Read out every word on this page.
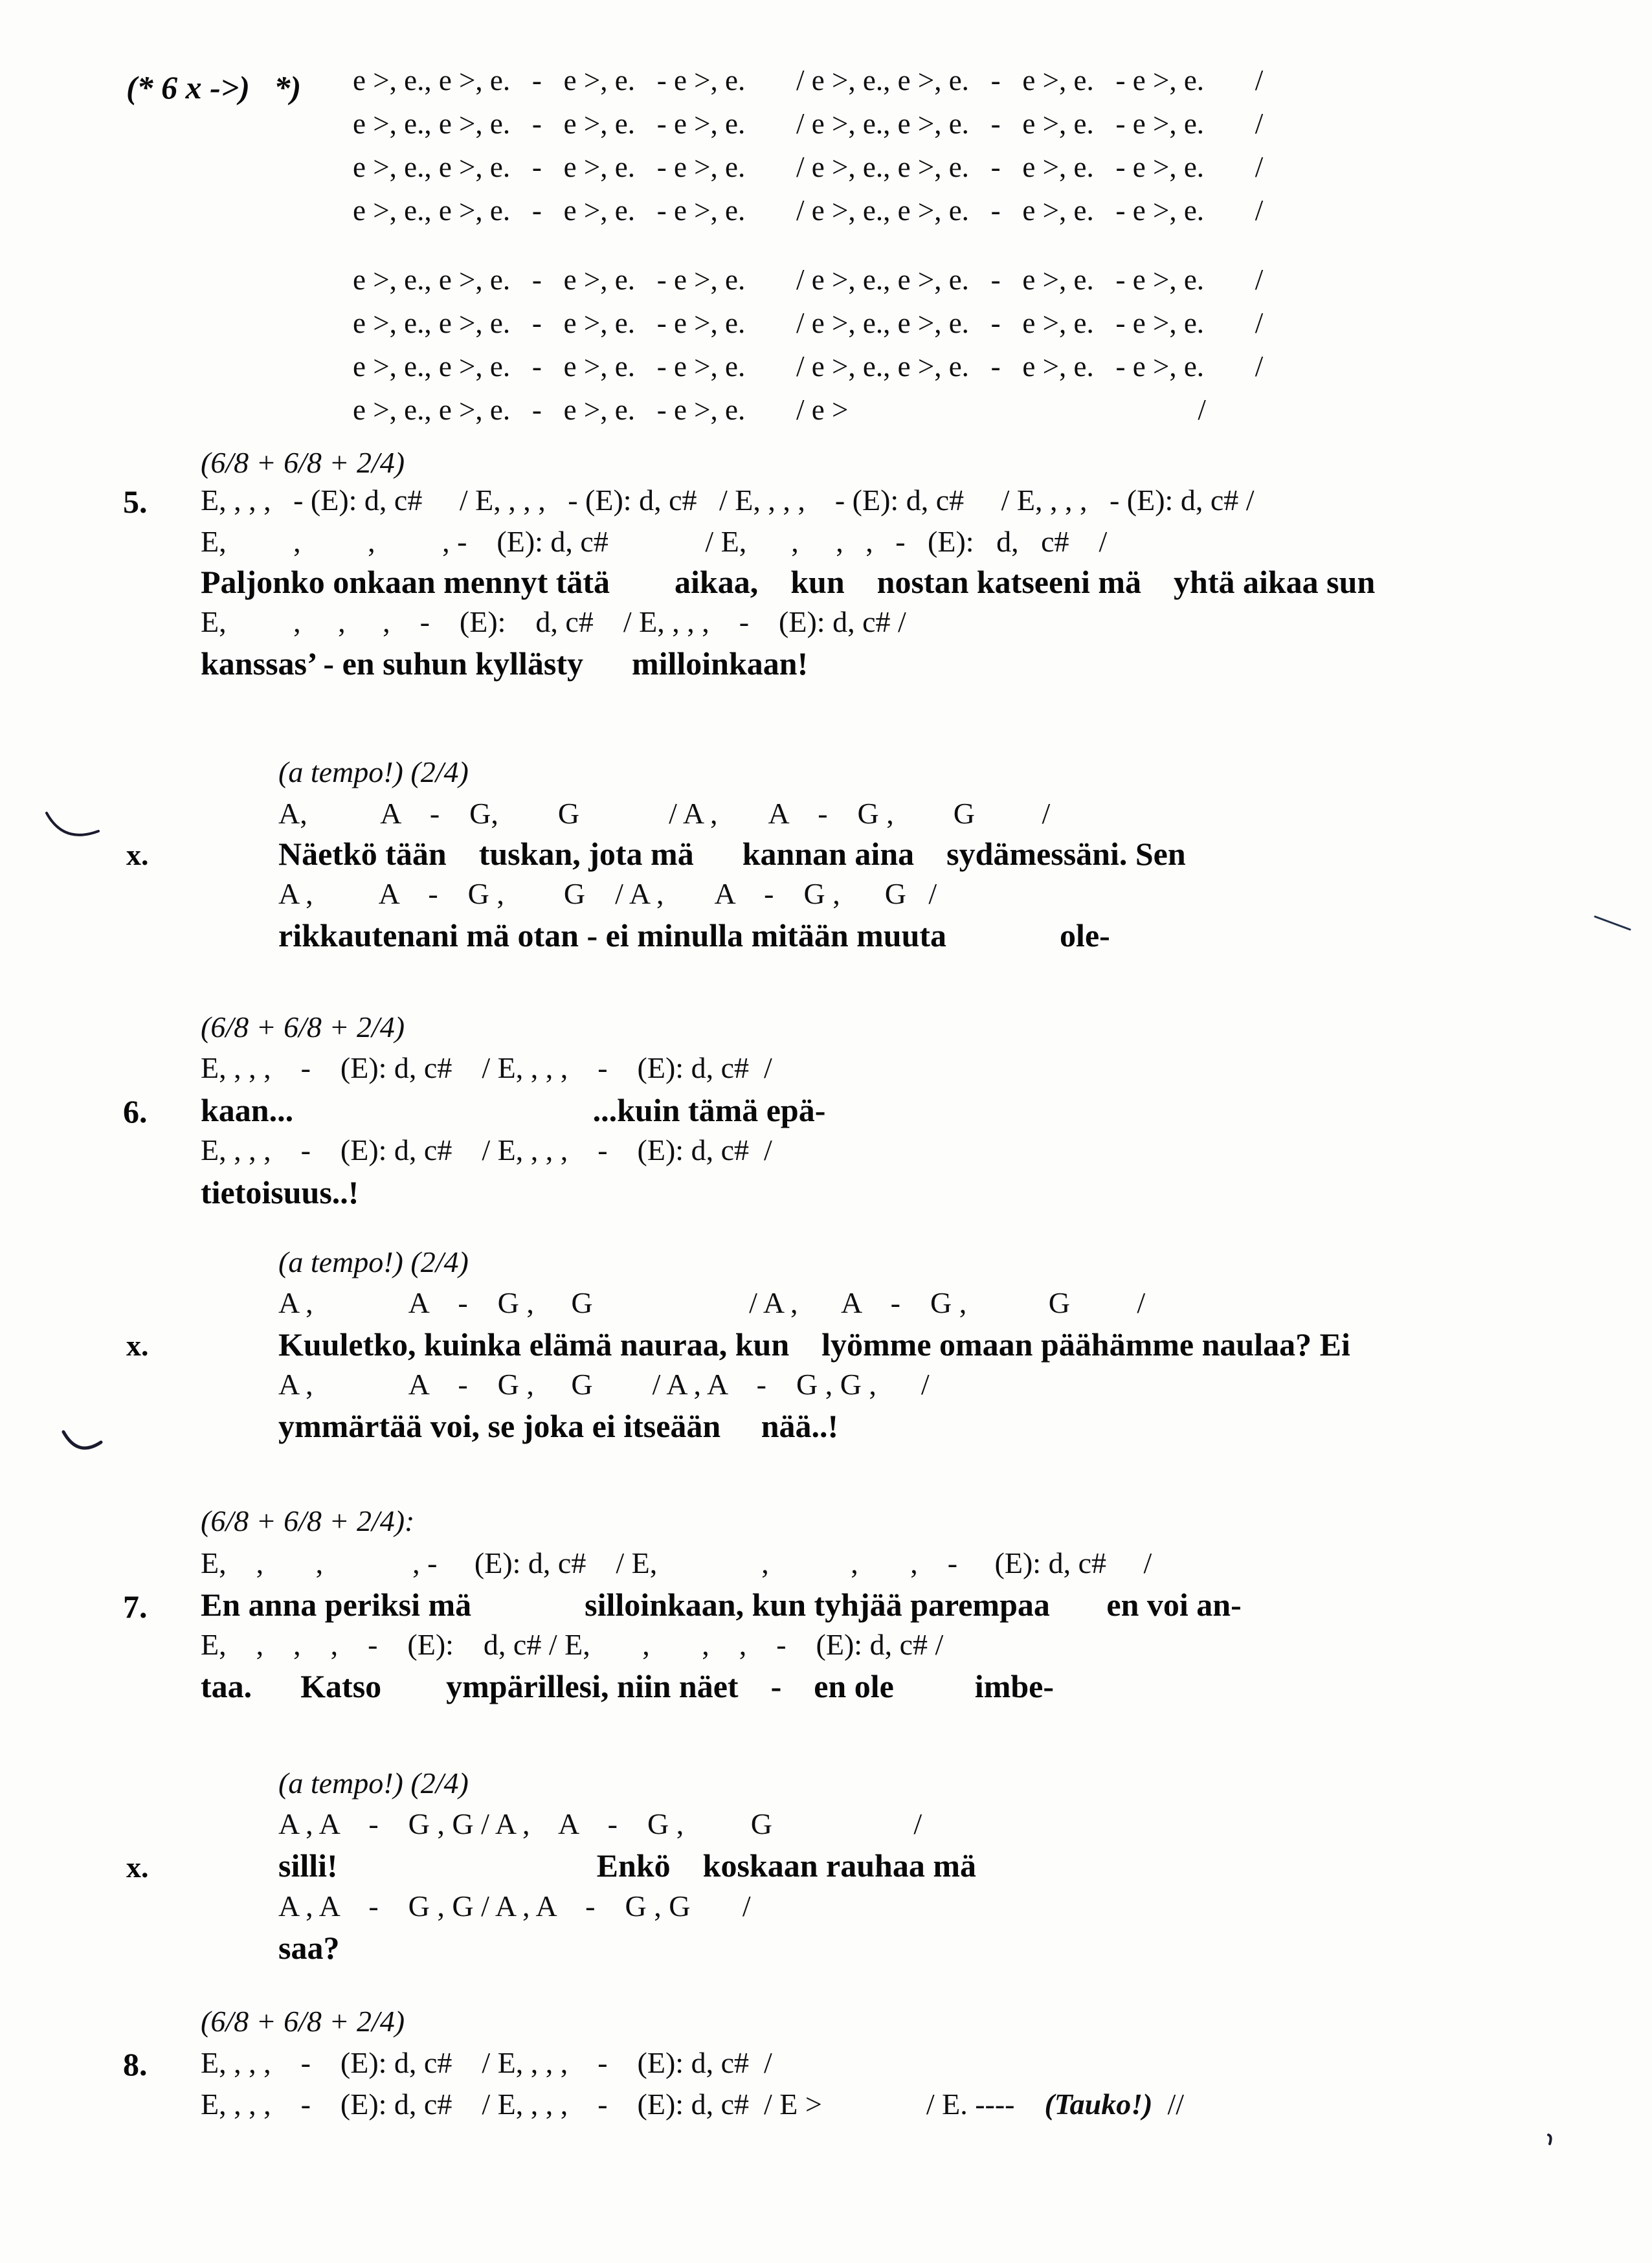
(* 6 x ->)   *) e >, e., e >, e.   -   e >, e.   - e >, e.       / e >, e., e >, e.   -   e >, e.   - e >, e.       /
e >, e., e >, e.   -   e >, e.   - e >, e.       / e >, e., e >, e.   -   e >, e.   - e >, e.       /
e >, e., e >, e.   -   e >, e.   - e >, e.       / e >, e., e >, e.   -   e >, e.   - e >, e.       /
e >, e., e >, e.   -   e >, e.   - e >, e.       / e >, e., e >, e.   -   e >, e.   - e >, e.       /
e >, e., e >, e.   -   e >, e.   - e >, e.       / e >, e., e >, e.   -   e >, e.   - e >, e.       /
e >, e., e >, e.   -   e >, e.   - e >, e.       / e >, e., e >, e.   -   e >, e.   - e >, e.       /
e >, e., e >, e.   -   e >, e.   - e >, e.       / e >, e., e >, e.   -   e >, e.   - e >, e.       /
e >, e., e >, e.   -   e >, e.   - e >, e.       / e >                                                /
(6/8 + 6/8 + 2/4)
5. E, , , ,   - (E): d, c#     / E, , , ,   - (E): d, c#   / E, , , ,    - (E): d, c#     / E, , , ,   - (E): d, c# /
E,         ,         ,         , -    (E): d, c#             / E,      ,     ,   ,   -   (E):   d,   c#    /
Paljonko onkaan mennyt tätä        aikaa,    kun    nostan katseeni mä    yhtä aikaa sun
E,         ,     ,     ,    -    (E):    d, c#    / E, , , ,    -    (E): d, c# /
kanssas’ - en suhun kyllästy      milloinkaan!
(a tempo!) (2/4)
A,          A    -    G,        G            / A ,       A    -    G ,        G         /
x.	Näetkö tään    tuskan, jota mä      kannan aina    sydämessäni. Sen
A ,         A    -    G ,        G    / A ,       A    -    G ,      G   /
rikkautenani mä otan - ei minulla mitään muuta              ole-
(6/8 + 6/8 + 2/4)
E, , , ,    -    (E): d, c#    / E, , , ,    -    (E): d, c#  /
6. kaan...                                     ...kuin tämä epä-
E, , , ,    -    (E): d, c#    / E, , , ,    -    (E): d, c#  /
tietoisuus..!
(a tempo!) (2/4)
A ,             A    -    G ,     G                     / A ,      A    -    G ,           G         /
x.	Kuuletko, kuinka elämä nauraa, kun    lyömme omaan päähämme naulaa? Ei
A ,             A    -    G ,     G        / A , A    -    G , G ,      /
ymmärtää voi, se joka ei itseään     nää..!
(6/8 + 6/8 + 2/4):
E,    ,       ,            , -     (E): d, c#    / E,              ,           ,       ,    -     (E): d, c#     /
7. En anna periksi mä              silloinkaan, kun tyhjää parempaa       en voi an-
E,    ,    ,    ,    -    (E):    d, c# / E,       ,       ,    ,    -    (E): d, c# /
taa.      Katso        ympärillesi, niin näet    -    en ole          imbe-
(a tempo!) (2/4)
A , A    -    G , G / A ,    A    -    G ,         G                   /
x.	silli!                                Enkö    koskaan rauhaa mä
A , A    -    G , G / A , A    -    G , G       /
saa?
(6/8 + 6/8 + 2/4)
8. E, , , ,    -    (E): d, c#    / E, , , ,    -    (E): d, c#  /
E, , , ,    -    (E): d, c#    / E, , , ,    -    (E): d, c#  / E >              / E. ----    (Tauko!)  //
